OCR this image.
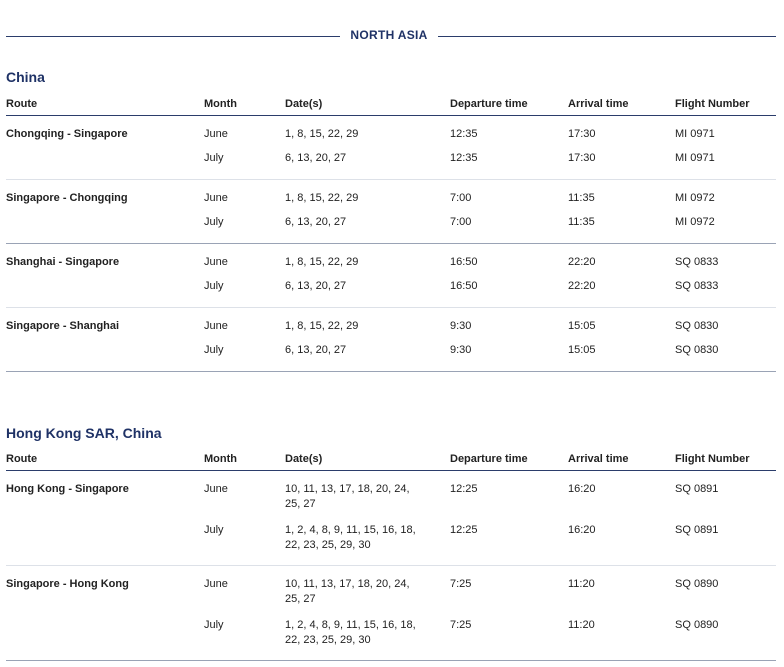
NORTH ASIA
China
Route	Month	Date(s)	Departure time	Arrival time	Flight Number
Chongqing - Singapore	June	1, 8, 15, 22, 29	12:35	17:30	MI 0971
	July	6, 13, 20, 27	12:35	17:30	MI 0971
Singapore - Chongqing	June	1, 8, 15, 22, 29	7:00	11:35	MI 0972
	July	6, 13, 20, 27	7:00	11:35	MI 0972
Shanghai - Singapore	June	1, 8, 15, 22, 29	16:50	22:20	SQ 0833
	July	6, 13, 20, 27	16:50	22:20	SQ 0833
Singapore - Shanghai	June	1, 8, 15, 22, 29	9:30	15:05	SQ 0830
	July	6, 13, 20, 27	9:30	15:05	SQ 0830
Hong Kong SAR, China
Route	Month	Date(s)	Departure time	Arrival time	Flight Number
Hong Kong - Singapore	June	10, 11, 13, 17, 18, 20, 24, 25, 27	12:25	16:20	SQ 0891
	July	1, 2, 4, 8, 9, 11, 15, 16, 18, 22, 23, 25, 29, 30	12:25	16:20	SQ 0891
Singapore - Hong Kong	June	10, 11, 13, 17, 18, 20, 24, 25, 27	7:25	11:20	SQ 0890
	July	1, 2, 4, 8, 9, 11, 15, 16, 18, 22, 23, 25, 29, 30	7:25	11:20	SQ 0890
